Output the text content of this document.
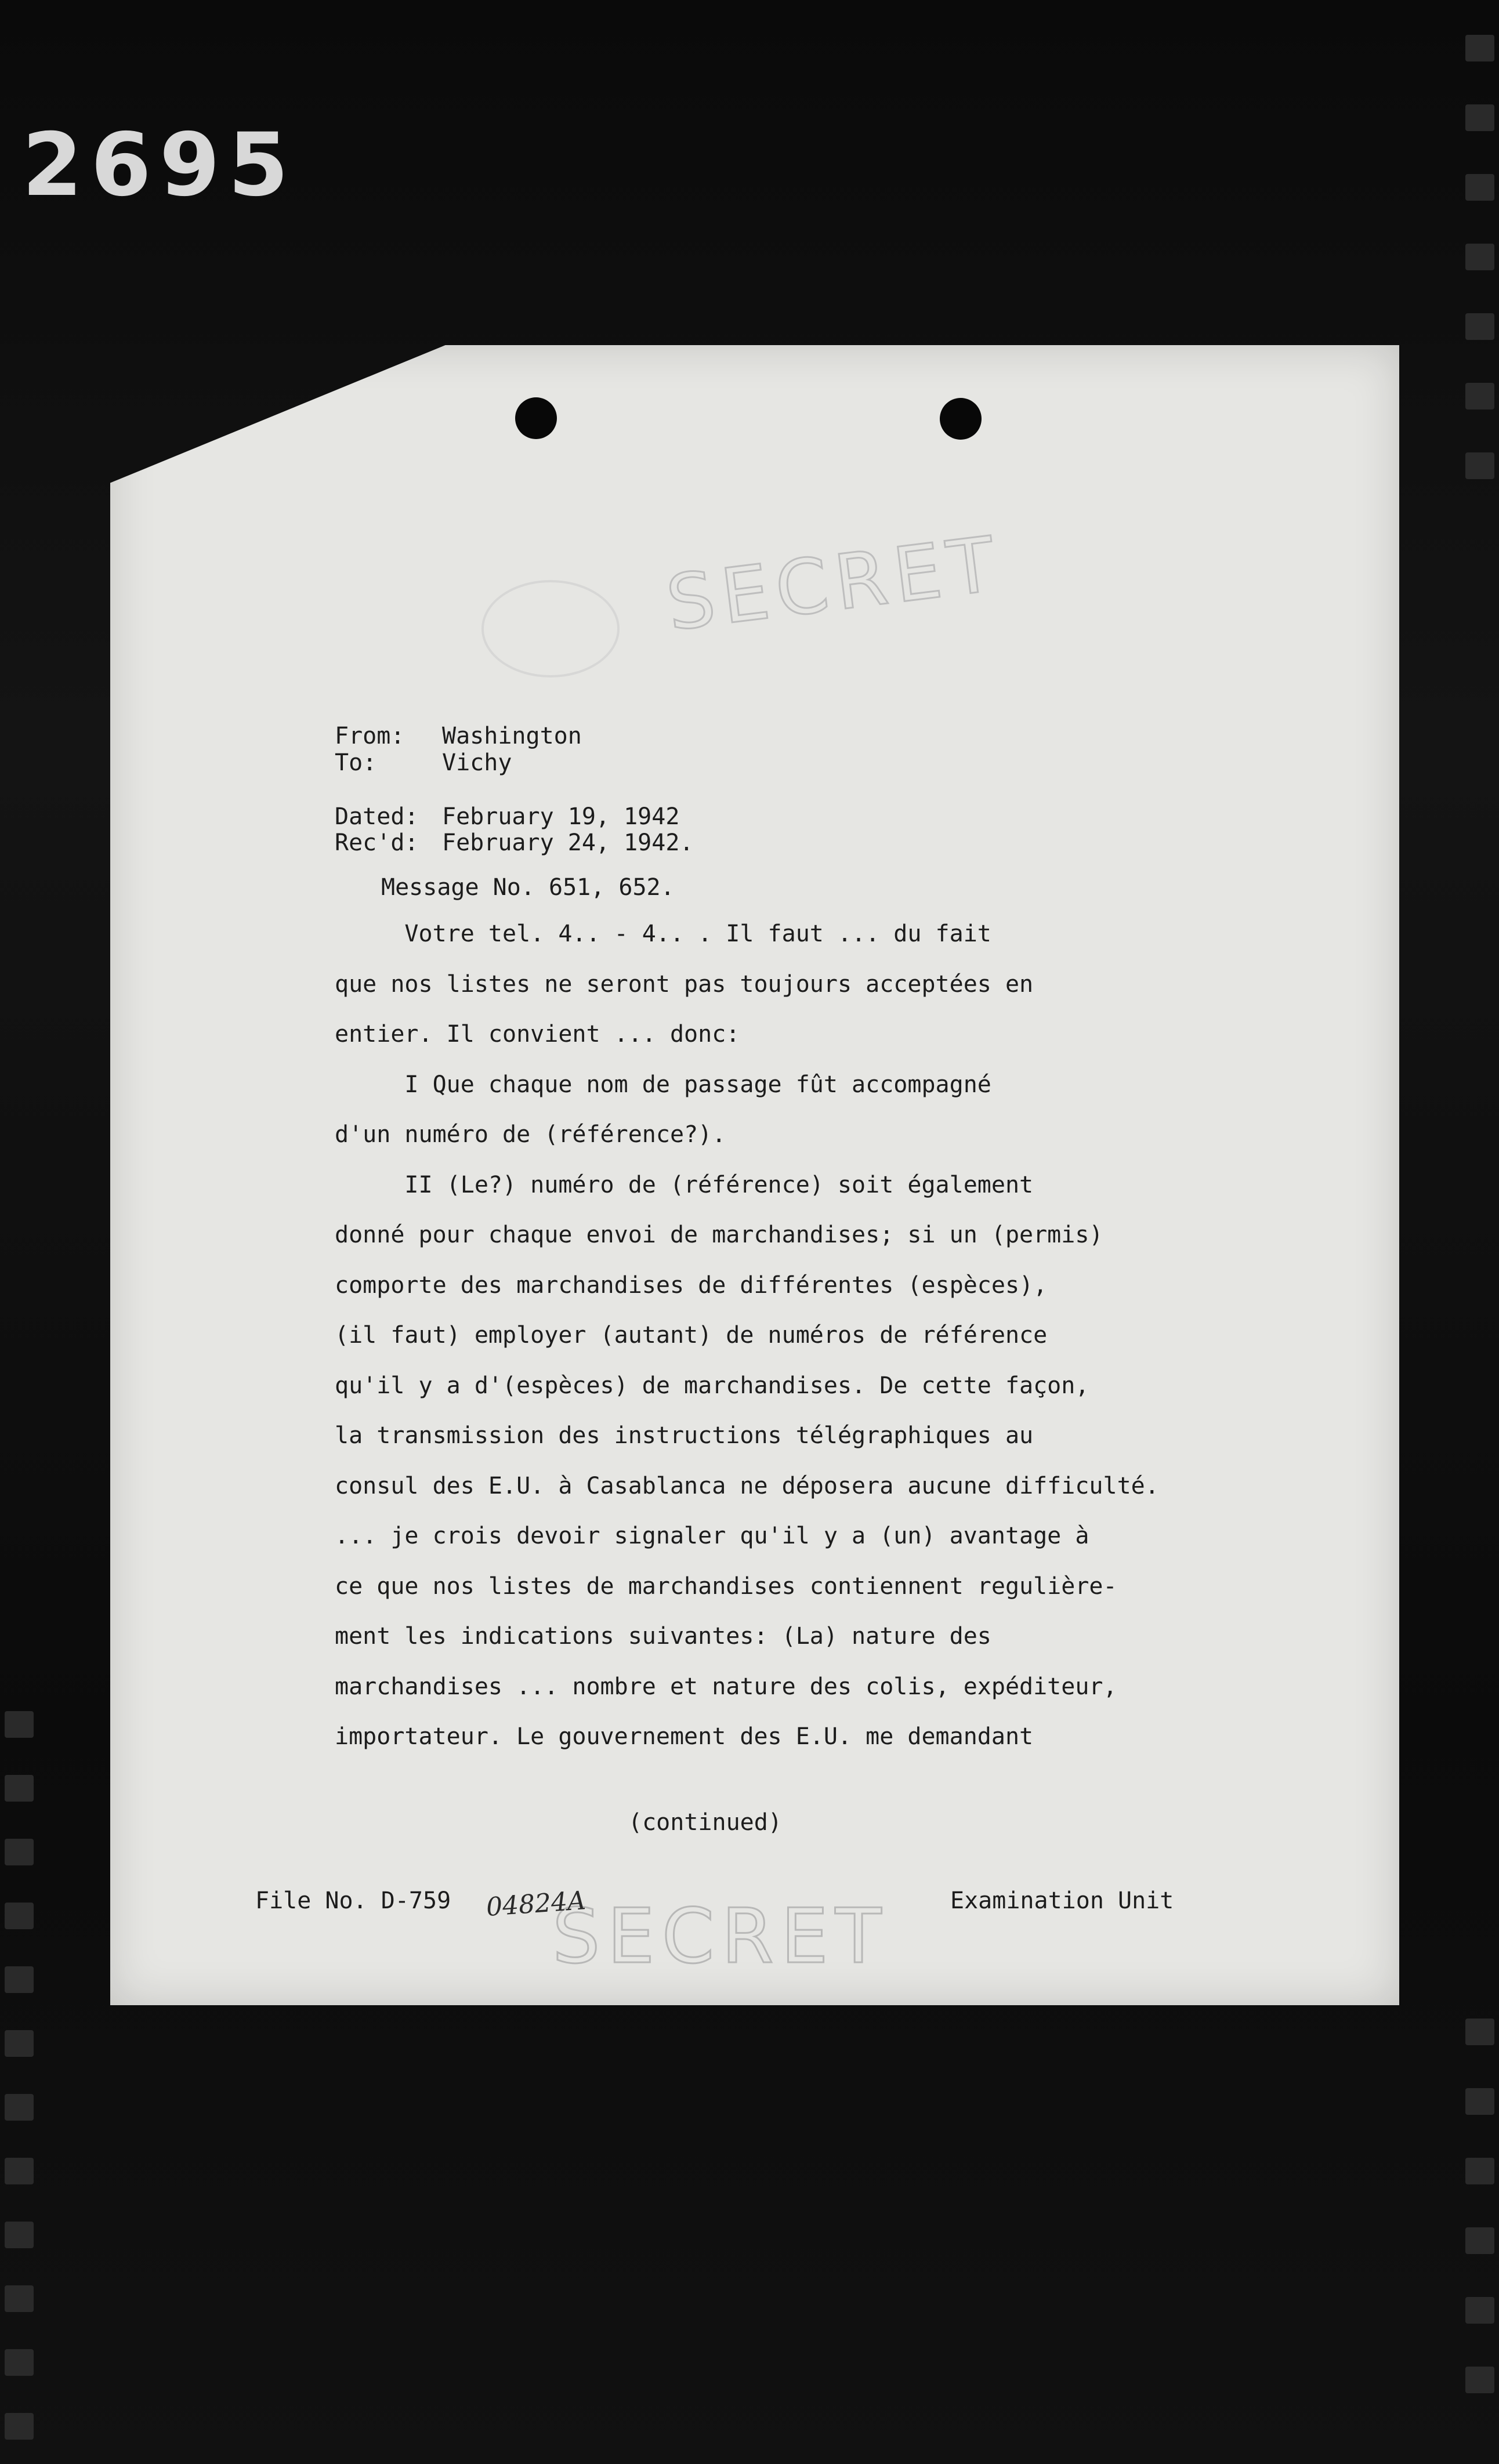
2695
SECRET
From: Washington
To:	Vichy
Dated: February 19, 1942
Rec'd: February 24, 1942.
Message No. 651, 652.
Votre tel. 4.. - 4.. . Il faut ... du fait
que nos listes ne seront pas toujours acceptées en
entier. Il convient ... donc:
I Que chaque nom de passage fût accompagné
d'un numéro de (référence?).
II (Le?) numéro de (référence) soit également
donné pour chaque envoi de marchandises; si un (permis)
comporte des marchandises de différentes (espèces),
(il faut) employer (autant) de numéros de référence
qu'il y a d'(espèces) de marchandises. De cette façon,
la transmission des instructions télégraphiques au
consul des E.U. à Casablanca ne déposera aucune difficulté.
... je crois devoir signaler qu'il y a (un) avantage à
ce que nos listes de marchandises contiennent regulière-
ment les indications suivantes: (La) nature des
marchandises ... nombre et nature des colis, expéditeur,
importateur. Le gouvernement des E.U. me demandant
(continued)
File No. D-759	Examination Unit
SECRET
04824A
